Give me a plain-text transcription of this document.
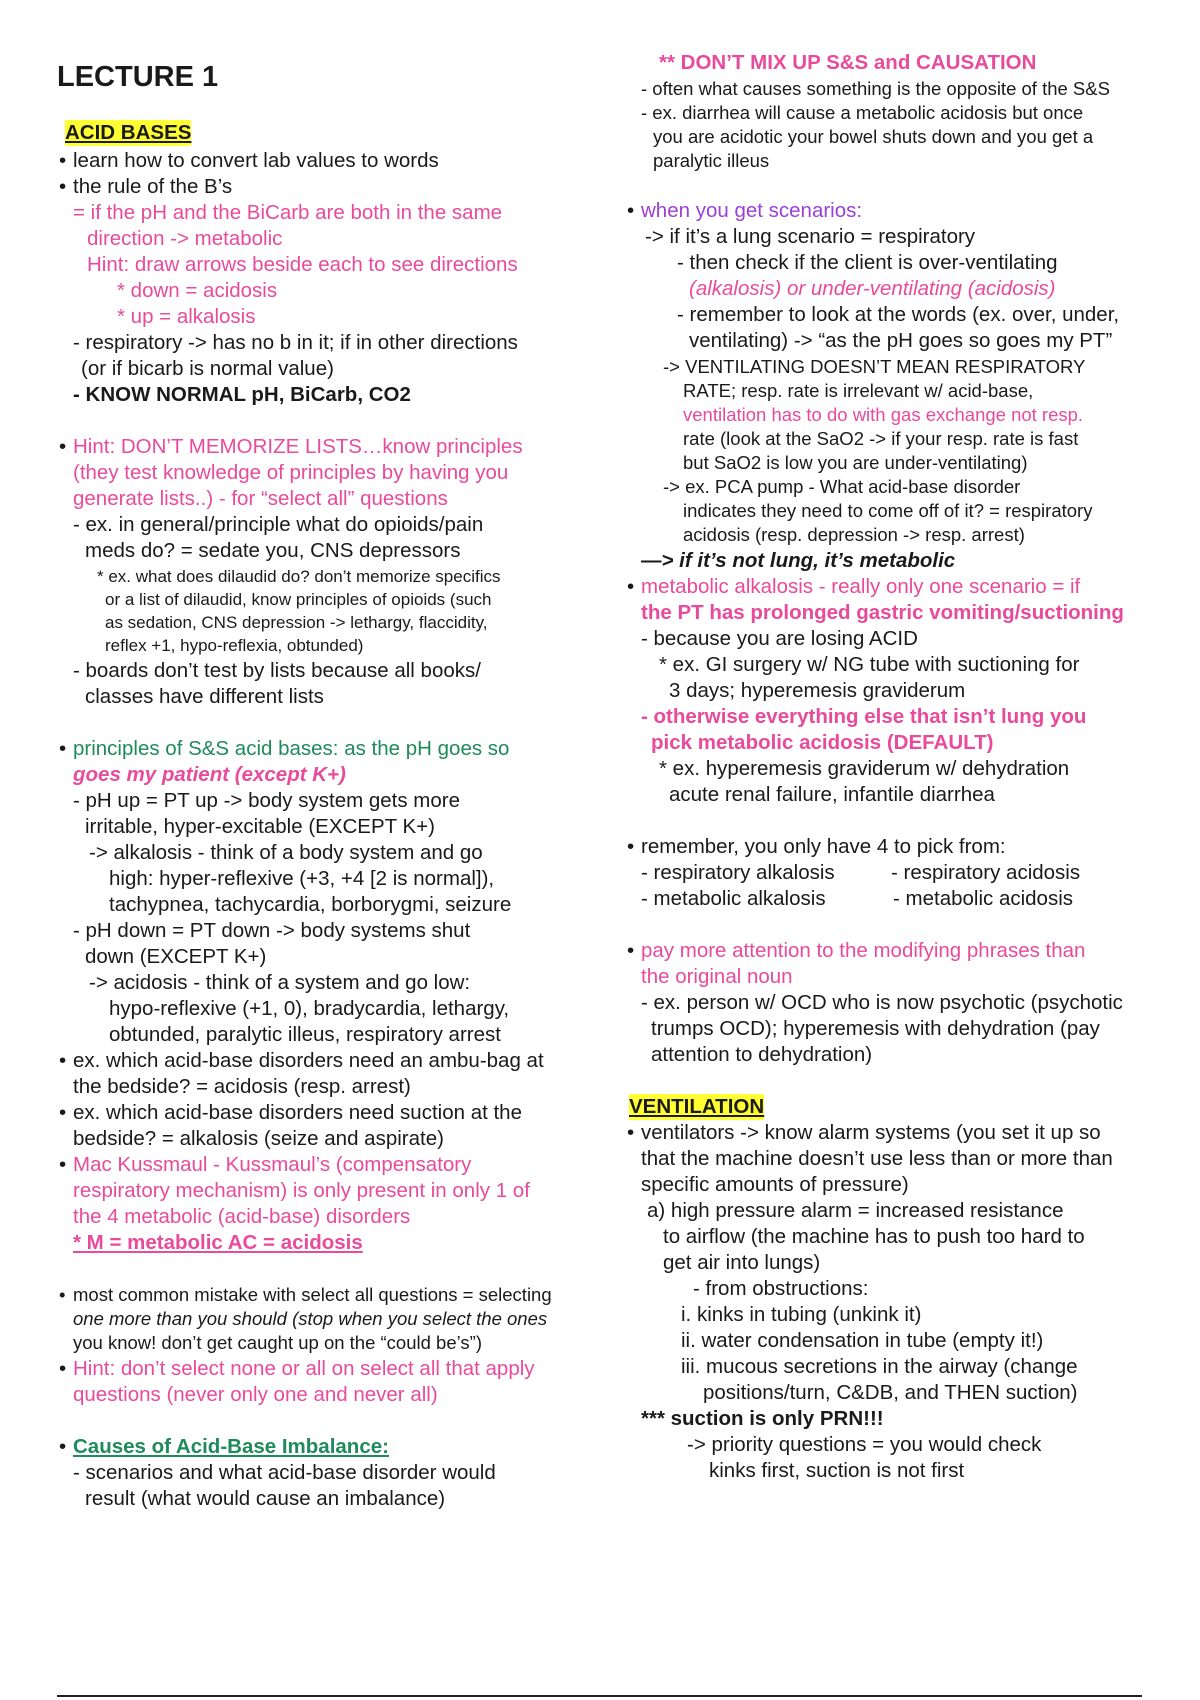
LECTURE 1
ACID BASES
• learn how to convert lab values to words
• the rule of the B’s
= if the pH and the BiCarb are both in the same
direction -> metabolic
Hint: draw arrows beside each to see directions
* down = acidosis
* up = alkalosis
- respiratory -> has no b in it; if in other directions
(or if bicarb is normal value)
- KNOW NORMAL pH, BiCarb, CO2
• Hint: DON’T MEMORIZE LISTS…know principles
(they test knowledge of principles by having you
generate lists..) - for “select all” questions
- ex. in general/principle what do opioids/pain
meds do? = sedate you, CNS depressors
* ex. what does dilaudid do? don’t memorize specifics
or a list of dilaudid, know principles of opioids (such
as sedation, CNS depression -> lethargy, flaccidity,
reflex +1, hypo-reflexia, obtunded)
- boards don’t test by lists because all books/
classes have different lists
• principles of S&S acid bases: as the pH goes so
goes my patient (except K+)
- pH up = PT up -> body system gets more
irritable, hyper-excitable (EXCEPT K+)
-> alkalosis - think of a body system and go
high: hyper-reflexive (+3, +4 [2 is normal]),
tachypnea, tachycardia, borborygmi, seizure
- pH down = PT down -> body systems shut
down (EXCEPT K+)
-> acidosis - think of a system and go low:
hypo-reflexive (+1, 0), bradycardia, lethargy,
obtunded, paralytic illeus, respiratory arrest
• ex. which acid-base disorders need an ambu-bag at
the bedside? = acidosis (resp. arrest)
• ex. which acid-base disorders need suction at the
bedside? = alkalosis (seize and aspirate)
• Mac Kussmaul - Kussmaul’s (compensatory
respiratory mechanism) is only present in only 1 of
the 4 metabolic (acid-base) disorders
* M = metabolic AC = acidosis
• most common mistake with select all questions = selecting
one more than you should (stop when you select the ones
you know! don’t get caught up on the “could be’s”)
• Hint: don’t select none or all on select all that apply
questions (never only one and never all)
• Causes of Acid-Base Imbalance:
- scenarios and what acid-base disorder would
result (what would cause an imbalance)
** DON’T MIX UP S&S and CAUSATION
- often what causes something is the opposite of the S&S
- ex. diarrhea will cause a metabolic acidosis but once
you are acidotic your bowel shuts down and you get a
paralytic illeus
• when you get scenarios:
-> if it’s a lung scenario = respiratory
- then check if the client is over-ventilating
(alkalosis) or under-ventilating (acidosis)
- remember to look at the words (ex. over, under,
ventilating) -> “as the pH goes so goes my PT”
-> VENTILATING DOESN’T MEAN RESPIRATORY
RATE; resp. rate is irrelevant w/ acid-base,
ventilation has to do with gas exchange not resp.
rate (look at the SaO2 -> if your resp. rate is fast
but SaO2 is low you are under-ventilating)
-> ex. PCA pump - What acid-base disorder
indicates they need to come off of it? = respiratory
acidosis (resp. depression -> resp. arrest)
—> if it’s not lung, it’s metabolic
• metabolic alkalosis - really only one scenario = if
the PT has prolonged gastric vomiting/suctioning
- because you are losing ACID
* ex. GI surgery w/ NG tube with suctioning for
3 days; hyperemesis graviderum
- otherwise everything else that isn’t lung you
pick metabolic acidosis (DEFAULT)
* ex. hyperemesis graviderum w/ dehydration
acute renal failure, infantile diarrhea
• remember, you only have 4 to pick from:
- respiratory alkalosis	- respiratory acidosis
- metabolic alkalosis	- metabolic acidosis
• pay more attention to the modifying phrases than
the original noun
- ex. person w/ OCD who is now psychotic (psychotic
trumps OCD); hyperemesis with dehydration (pay
attention to dehydration)
VENTILATION
• ventilators -> know alarm systems (you set it up so
that the machine doesn’t use less than or more than
specific amounts of pressure)
a) high pressure alarm = increased resistance
to airflow (the machine has to push too hard to
get air into lungs)
- from obstructions:
i. kinks in tubing (unkink it)
ii. water condensation in tube (empty it!)
iii. mucous secretions in the airway (change
positions/turn, C&DB, and THEN suction)
*** suction is only PRN!!!
-> priority questions = you would check
kinks first, suction is not first
